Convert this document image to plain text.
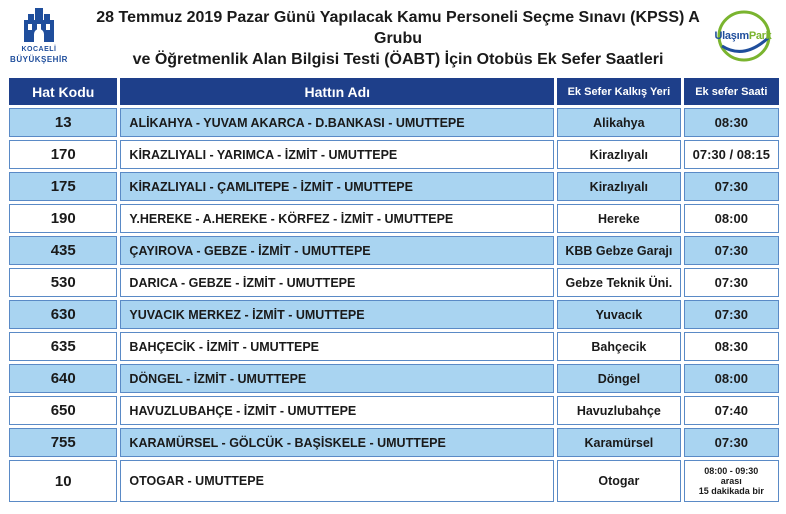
KOCAELİ
BÜYÜKŞEHİR
28 Temmuz 2019 Pazar Günü Yapılacak Kamu Personeli Seçme Sınavı (KPSS) A Grubu
ve Öğretmenlik Alan Bilgisi Testi (ÖABT) İçin Otobüs Ek Sefer Saatleri
UlaşımPark
Hat Kodu	Hattın Adı	Ek Sefer Kalkış Yeri	Ek sefer Saati
13	ALİKAHYA - YUVAM AKARCA - D.BANKASI - UMUTTEPE	Alikahya	08:30
170	KİRAZLIYALI - YARIMCA - İZMİT - UMUTTEPE	Kirazlıyalı	07:30 / 08:15
175	KİRAZLIYALI - ÇAMLITEPE - İZMİT - UMUTTEPE	Kirazlıyalı	07:30
190	Y.HEREKE - A.HEREKE - KÖRFEZ - İZMİT - UMUTTEPE	Hereke	08:00
435	ÇAYIROVA - GEBZE - İZMİT - UMUTTEPE	KBB Gebze Garajı	07:30
530	DARICA - GEBZE - İZMİT - UMUTTEPE	Gebze Teknik Üni.	07:30
630	YUVACIK MERKEZ - İZMİT - UMUTTEPE	Yuvacık	07:30
635	BAHÇECİK - İZMİT - UMUTTEPE	Bahçecik	08:30
640	DÖNGEL - İZMİT - UMUTTEPE	Döngel	08:00
650	HAVUZLUBAHÇE - İZMİT - UMUTTEPE	Havuzlubahçe	07:40
755	KARAMÜRSEL - GÖLCÜK - BAŞİSKELE - UMUTTEPE	Karamürsel	07:30
10	OTOGAR - UMUTTEPE	Otogar	08:00 - 09:30
arası
15 dakikada bir
